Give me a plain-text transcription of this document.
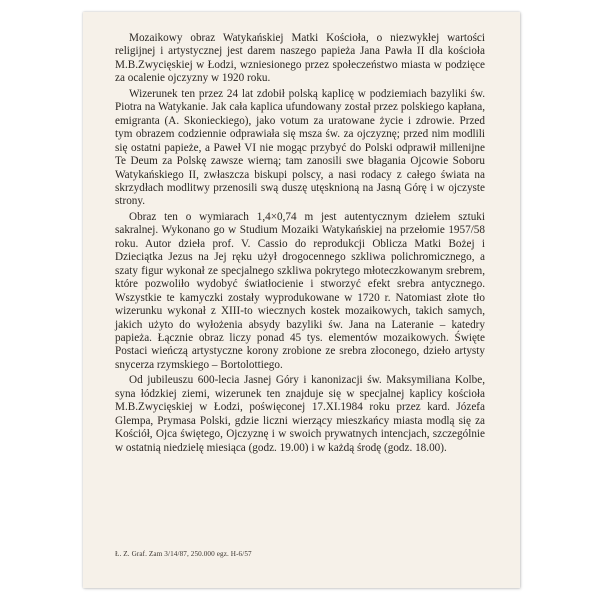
Mozaikowy obraz Watykańskiej Matki Kościoła, o niezwykłej wartości religijnej i artystycznej jest darem naszego papieża Jana Pawła II dla kościoła M.B.Zwycięskiej w Łodzi, wzniesionego przez społeczeństwo miasta w podzięce za ocalenie ojczyzny w 1920 roku.

Wizerunek ten przez 24 lat zdobił polską kaplicę w podziemiach bazyliki św. Piotra na Watykanie. Jak cała kaplica ufundowany został przez polskiego kapłana, emigranta (A. Skonieckiego), jako votum za uratowane życie i zdrowie. Przed tym obrazem codziennie odprawiała się msza św. za ojczyznę; przed nim modlili się ostatni papieże, a Paweł VI nie mogąc przybyć do Polski odprawił millenijne Te Deum za Polskę zawsze wierną; tam zanosili swe błagania Ojcowie Soboru Watykańskiego II, zwłaszcza biskupi polscy, a nasi rodacy z całego świata na skrzydłach modlitwy przenosili swą duszę utęsknioną na Jasną Górę i w ojczyste strony.

Obraz ten o wymiarach 1,4×0,74 m jest autentycznym dziełem sztuki sakralnej. Wykonano go w Studium Mozaiki Watykańskiej na przełomie 1957/58 roku. Autor dzieła prof. V. Cassio do reprodukcji Oblicza Matki Bożej i Dzieciątka Jezus na Jej ręku użył drogocennego szkliwa polichromicznego, a szaty figur wykonał ze specjalnego szkliwa pokrytego młoteczkowanym srebrem, które pozwoliło wydobyć światłocienie i stworzyć efekt srebra antycznego. Wszystkie te kamyczki zostały wyprodukowane w 1720 r. Natomiast złote tło wizerunku wykonał z XIII-to wiecznych kostek mozaikowych, takich samych, jakich użyto do wyłożenia absydy bazyliki św. Jana na Lateranie – katedry papieża. Łącznie obraz liczy ponad 45 tys. elementów mozaikowych. Święte Postaci wieńczą artystyczne korony zrobione ze srebra złoconego, dzieło artysty snycerza rzymskiego – Bortolottiego.

Od jubileuszu 600-lecia Jasnej Góry i kanonizacji św. Maksymiliana Kolbe, syna łódzkiej ziemi, wizerunek ten znajduje się w specjalnej kaplicy kościoła M.B.Zwycięskiej w Łodzi, poświęconej 17.XI.1984 roku przez kard. Józefa Glempa, Prymasa Polski, gdzie liczni wierzący mieszkańcy miasta modlą się za Kościół, Ojca świętego, Ojczyznę i w swoich prywatnych intencjach, szczególnie w ostatnią niedzielę miesiąca (godz. 19.00) i w każdą środę (godz. 18.00).

Ł. Z. Graf. Zam 3/14/87, 250.000 egz. H-6/57
